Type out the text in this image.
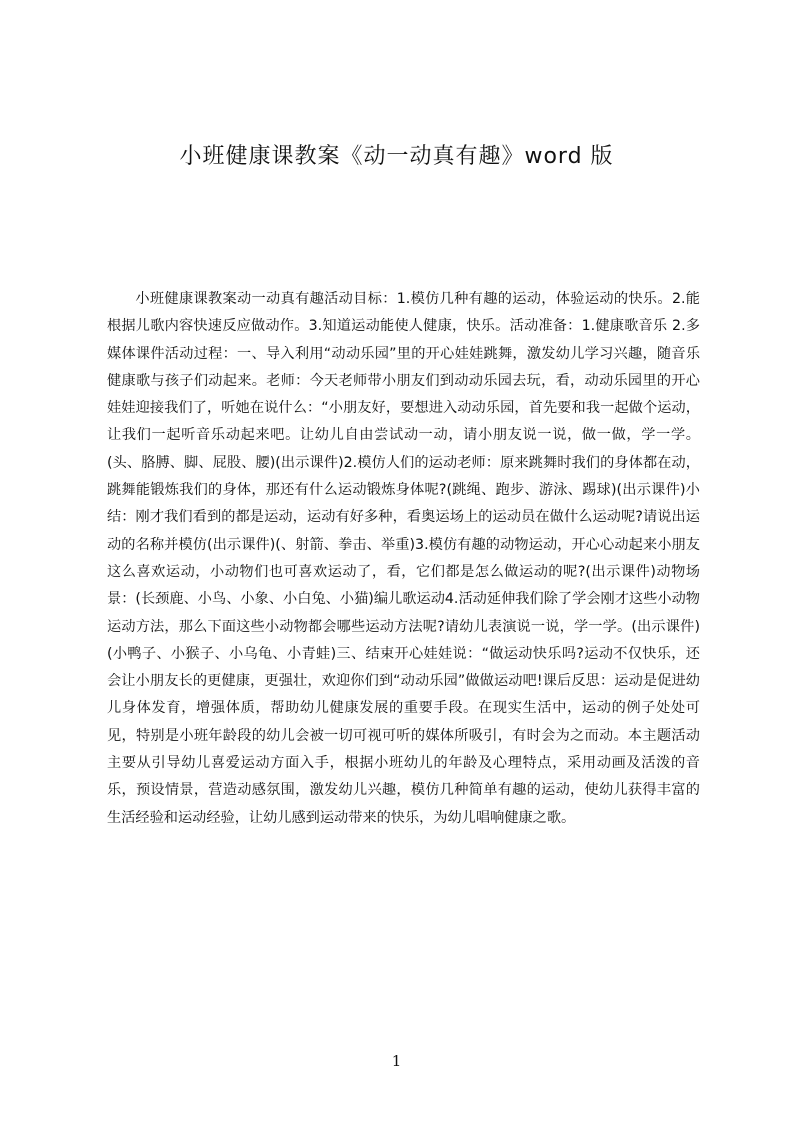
小班健康课教案《动一动真有趣》word 版

小班健康课教案动一动真有趣活动目标：1.模仿几种有趣的运动，体验运动的快乐。2.能根据儿歌内容快速反应做动作。3.知道运动能使人健康，快乐。活动准备：1.健康歌音乐 2.多媒体课件活动过程：一、导入利用“动动乐园”里的开心娃娃跳舞，激发幼儿学习兴趣，随音乐健康歌与孩子们动起来。老师：今天老师带小朋友们到动动乐园去玩，看，动动乐园里的开心娃娃迎接我们了，听她在说什么：“小朋友好，要想进入动动乐园，首先要和我一起做个运动，让我们一起听音乐动起来吧。让幼儿自由尝试动一动，请小朋友说一说，做一做，学一学。(头、胳膊、脚、屁股、腰)(出示课件)2.模仿人们的运动老师：原来跳舞时我们的身体都在动，跳舞能锻炼我们的身体，那还有什么运动锻炼身体呢?(跳绳、跑步、游泳、踢球)(出示课件)小结：刚才我们看到的都是运动，运动有好多种，看奥运场上的运动员在做什么运动呢?请说出运动的名称并模仿(出示课件)(、射箭、拳击、举重)3.模仿有趣的动物运动，开心心动起来小朋友这么喜欢运动，小动物们也可喜欢运动了，看，它们都是怎么做运动的呢?(出示课件)动物场景：(长颈鹿、小鸟、小象、小白兔、小猫)编儿歌运动4.活动延伸我们除了学会刚才这些小动物运动方法，那么下面这些小动物都会哪些运动方法呢?请幼儿表演说一说，学一学。(出示课件)(小鸭子、小猴子、小乌龟、小青蛙)三、结束开心娃娃说：“做运动快乐吗?运动不仅快乐，还会让小朋友长的更健康，更强壮，欢迎你们到“动动乐园”做做运动吧!课后反思：运动是促进幼儿身体发育，增强体质，帮助幼儿健康发展的重要手段。在现实生活中，运动的例子处处可见，特别是小班年龄段的幼儿会被一切可视可听的媒体所吸引，有时会为之而动。本主题活动主要从引导幼儿喜爱运动方面入手，根据小班幼儿的年龄及心理特点，采用动画及活泼的音乐，预设情景，营造动感氛围，激发幼儿兴趣，模仿几种简单有趣的运动，使幼儿获得丰富的生活经验和运动经验，让幼儿感到运动带来的快乐，为幼儿唱响健康之歌。

1
